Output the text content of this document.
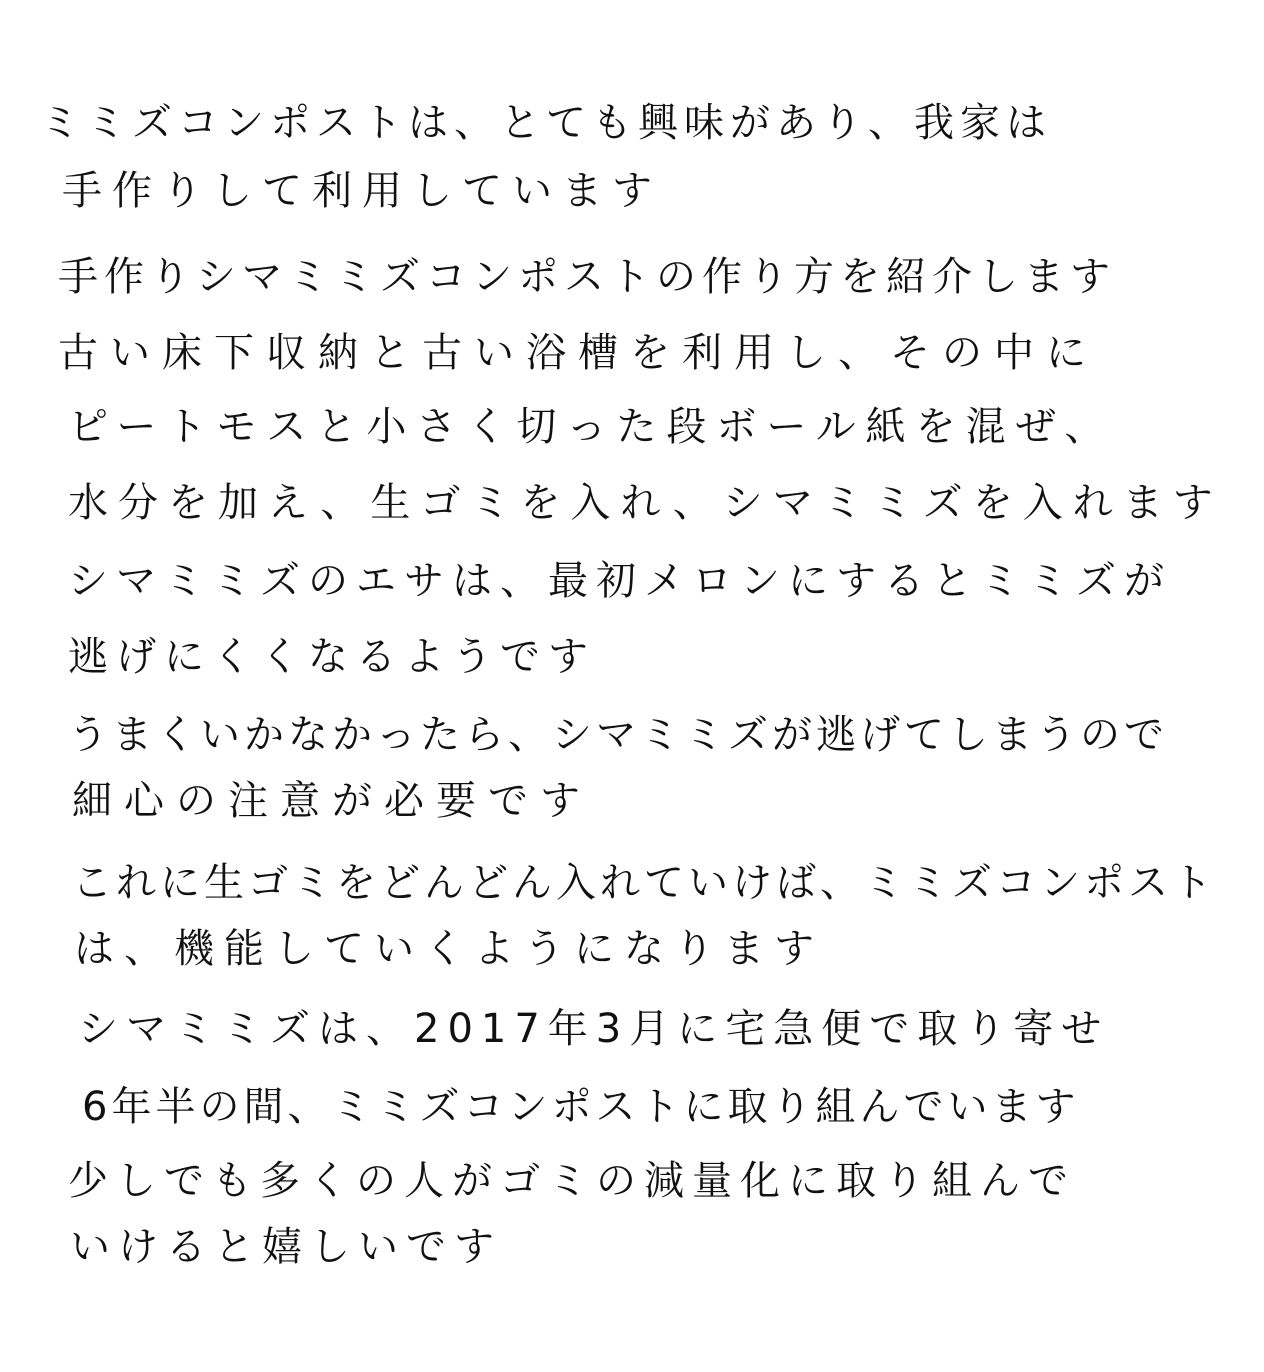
ミミズコンポストは、とても興味があり、我家は
手作りして利用しています
手作りシマミミズコンポストの作り方を紹介します
古い床下収納と古い浴槽を利用し、その中に
ピートモスと小さく切った段ボール紙を混ぜ、
水分を加え、生ゴミを入れ、シマミミズを入れます
シマミミズのエサは、最初メロンにするとミミズが
逃げにくくなるようです
うまくいかなかったら、シマミミズが逃げてしまうので
細心の注意が必要です
これに生ゴミをどんどん入れていけば、ミミズコンポスト
は、機能していくようになります
シマミミズは、2017年3月に宅急便で取り寄せ
6年半の間、ミミズコンポストに取り組んでいます
少しでも多くの人がゴミの減量化に取り組んで
いけると嬉しいです
